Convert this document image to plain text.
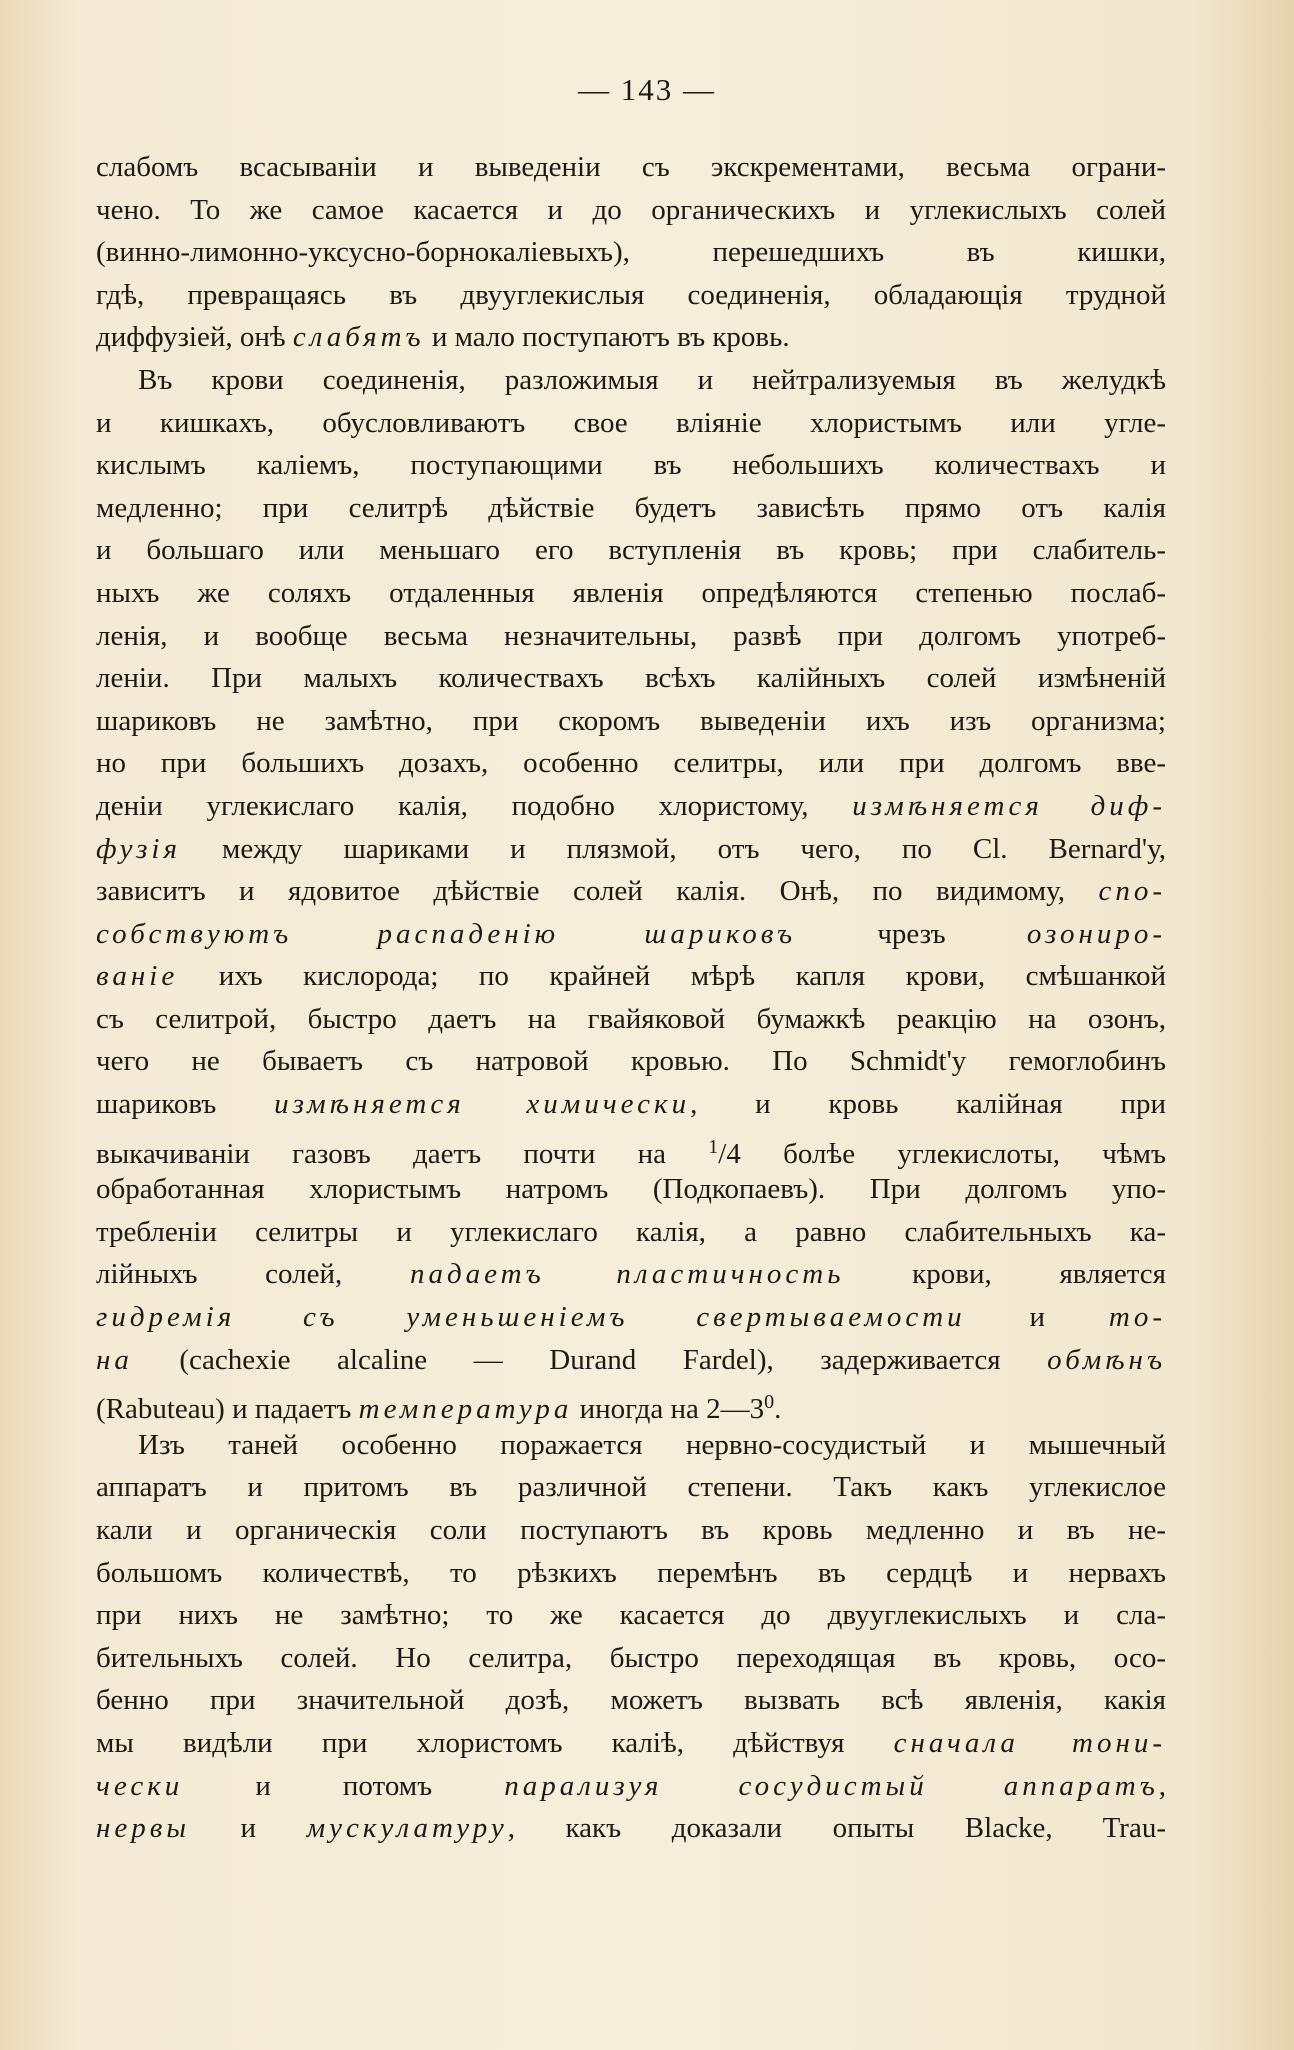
— 143 —
слабомъ всасыванiи и выведенiи съ экскрементами, весьма ограни-
чено. То же самое касается и до органическихъ и углекислыхъ солей
(винно-лимонно-уксусно-борнокалiевыхъ), перешедшихъ въ кишки,
гдѣ, превращаясь въ двууглекислыя соединенiя, обладающiя трудной
диффузiей, онѣ слабятъ и мало поступаютъ въ кровь.
Въ крови соединенiя, разложимыя и нейтрализуемыя въ желудкѣ
и кишкахъ, обусловливаютъ свое влiянiе хлористымъ или угле-
кислымъ калiемъ, поступающими въ небольшихъ количествахъ и
медленно; при селитрѣ дѣйствiе будетъ зависѣть прямо отъ калiя
и большаго или меньшаго его вступленiя въ кровь; при слабитель-
ныхъ же соляхъ отдаленныя явленiя опредѣляются степенью послаб-
ленiя, и вообще весьма незначительны, развѣ при долгомъ употреб-
ленiи. При малыхъ количествахъ всѣхъ калiйныхъ солей измѣненiй
шариковъ не замѣтно, при скоромъ выведенiи ихъ изъ организма;
но при большихъ дозахъ, особенно селитры, или при долгомъ вве-
денiи углекислаго калiя, подобно хлористому, измѣняется диф-
фузiя между шариками и плязмой, отъ чего, по Cl. Bernard'у,
зависитъ и ядовитое дѣйствiе солей калiя. Онѣ, по видимому, спо-
собствуютъ распаденiю шариковъ чрезъ озониро-
ванiе ихъ кислорода; по крайней мѣрѣ капля крови, смѣшанкой
съ селитрой, быстро даетъ на гвайяковой бумажкѣ реакцiю на озонъ,
чего не бываетъ съ натровой кровью. По Schmidt'у гемоглобинъ
шариковъ измѣняется химически, и кровь калiйная при
выкачиванiи газовъ даетъ почти на $^1$/4 болѣе углекислоты, чѣмъ
обработанная хлористымъ натромъ (Подкопаевъ). При долгомъ упо-
требленiи селитры и углекислаго калiя, а равно слабительныхъ ка-
лiйныхъ солей, падаетъ пластичность крови, является
гидремiя съ уменьшенiемъ свертываемости и то-
на (cachexie alcaline — Durand Fardel), задерживается обмѣнъ
(Rabuteau) и падаетъ температура иногда на $2—3^0$.
Изъ таней особенно поражается нервно-сосудистый и мышечный
аппаратъ и притомъ въ различной степени. Такъ какъ углекислое
кали и органическiя соли поступаютъ въ кровь медленно и въ не-
большомъ количествѣ, то рѣзкихъ перемѣнъ въ сердцѣ и нервахъ
при нихъ не замѣтно; то же касается до двууглекислыхъ и сла-
бительныхъ солей. Но селитра, быстро переходящая въ кровь, осо-
бенно при значительной дозѣ, можетъ вызвать всѣ явленiя, какiя
мы видѣли при хлористомъ калiѣ, дѣйствуя сначала тони-
чески и потомъ парализуя сосудистый аппаратъ,
нервы и мускулатуру, какъ доказали опыты Blacke, Trau-
